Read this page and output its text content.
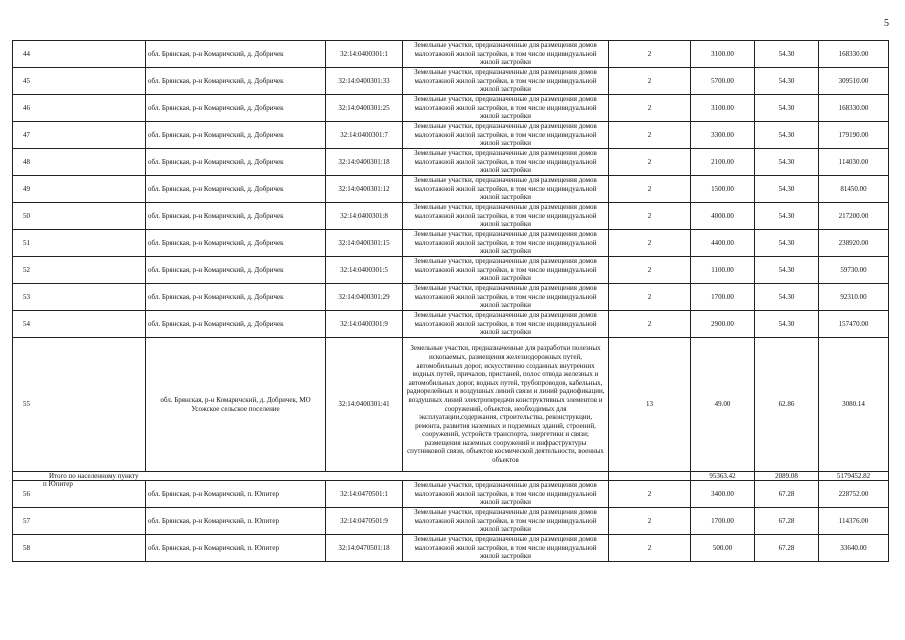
5
44	обл. Брянская, р-н Комаричский, д. Добричек	32:14:0400301:1	Земельные участки, предназначенные для размещения домов малоэтажной жилой застройки, в том числе индивидуальной жилой застройки	2	3100.00	54.30	168330.00
45	обл. Брянская, р-н Комаричский, д. Добричек	32:14:0400301:33	Земельные участки, предназначенные для размещения домов малоэтажной жилой застройки, в том числе индивидуальной жилой застройки	2	5700.00	54.30	309510.00
46	обл. Брянская, р-н Комаричский, д. Добричек	32:14:0400301:25	Земельные участки, предназначенные для размещения домов малоэтажной жилой застройки, в том числе индивидуальной жилой застройки	2	3100.00	54.30	168330.00
47	обл. Брянская, р-н Комаричский, д. Добричек	32:14:0400301:7	Земельные участки, предназначенные для размещения домов малоэтажной жилой застройки, в том числе индивидуальной жилой застройки	2	3300.00	54.30	179190.00
48	обл. Брянская, р-н Комаричский, д. Добричек	32:14:0400301:18	Земельные участки, предназначенные для размещения домов малоэтажной жилой застройки, в том числе индивидуальной жилой застройки	2	2100.00	54.30	114030.00
49	обл. Брянская, р-н Комаричский, д. Добричек	32:14:0400301:12	Земельные участки, предназначенные для размещения домов малоэтажной жилой застройки, в том числе индивидуальной жилой застройки	2	1500.00	54.30	81450.00
50	обл. Брянская, р-н Комаричский, д. Добричек	32:14:0400301:8	Земельные участки, предназначенные для размещения домов малоэтажной жилой застройки, в том числе индивидуальной жилой застройки	2	4000.00	54.30	217200.00
51	обл. Брянская, р-н Комаричский, д. Добричек	32:14:0400301:15	Земельные участки, предназначенные для размещения домов малоэтажной жилой застройки, в том числе индивидуальной жилой застройки	2	4400.00	54.30	238920.00
52	обл. Брянская, р-н Комаричский, д. Добричек	32:14:0400301:5	Земельные участки, предназначенные для размещения домов малоэтажной жилой застройки, в том числе индивидуальной жилой застройки	2	1100.00	54.30	59730.00
53	обл. Брянская, р-н Комаричский, д. Добричек	32:14:0400301:29	Земельные участки, предназначенные для размещения домов малоэтажной жилой застройки, в том числе индивидуальной жилой застройки	2	1700.00	54.30	92310.00
54	обл. Брянская, р-н Комаричский, д. Добричек	32:14:0400301:9	Земельные участки, предназначенные для размещения домов малоэтажной жилой застройки, в том числе индивидуальной жилой застройки	2	2900.00	54.30	157470.00
55	обл. Брянская, р-н Комаричский, д. Добричек, МО Усожское сельское поселение	32:14:0400301:41	Земельные участки, предназначенные для разработки полезных ископаемых, размещения железнодорожных путей, автомобильных дорог, искусственно созданных внутренних водных путей, причалов, пристаней, полос отвода железных и автомобильных дорог, водных путей, трубопроводов, кабельных, радиорелейных и воздушных линий связи и линий радиофикации, воздушных линий электропередачи конструктивных элементов и сооружений, объектов, необходимых для эксплуатации,содержания, строительства, реконструкции, ремонта, развития наземных и подземных зданий, строений, сооружений, устройств транспорта, энергетики и связи; размещения наземных сооружений и инфраструктуры спутниковой связи, объектов космической деятельности, военных объектов	13	49.00	62.86	3080.14
Итого по населенному пункту					95363.42	2089.08	5179452.82

п Юпитер
56	обл. Брянская, р-н Комаричский, п. Юпитер	32:14:0470501:1	Земельные участки, предназначенные для размещения домов малоэтажной жилой застройки, в том числе индивидуальной жилой застройки	2	3400.00	67.28	228752.00
57	обл. Брянская, р-н Комаричский, п. Юпитер	32:14:0470501:9	Земельные участки, предназначенные для размещения домов малоэтажной жилой застройки, в том числе индивидуальной жилой застройки	2	1700.00	67.28	114376.00
58	обл. Брянская, р-н Комаричский, п. Юпитер	32:14:0470501:18	Земельные участки, предназначенные для размещения домов малоэтажной жилой застройки, в том числе индивидуальной жилой застройки	2	500.00	67.28	33640.00
